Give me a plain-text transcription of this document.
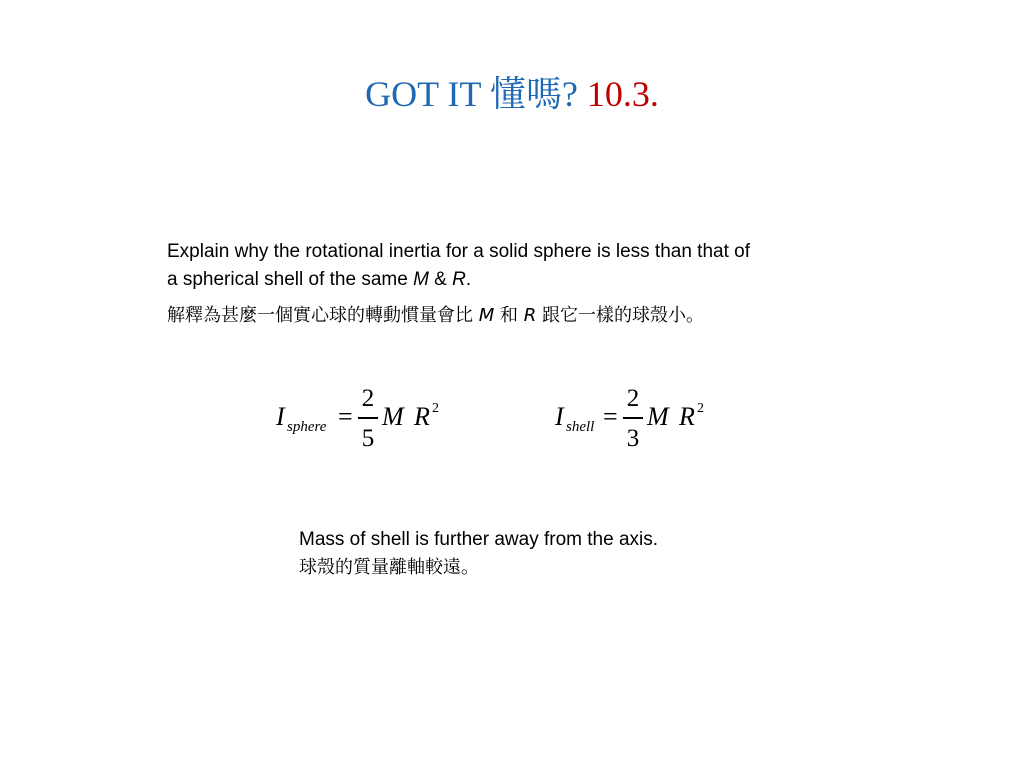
GOT IT 懂嗎? 10.3.
Explain why the rotational inertia for a solid sphere is less than that of
a spherical shell of the same M & R.
解釋為甚麼一個實心球的轉動慣量會比 M 和 R 跟它一樣的球殼小。
I sphere =
2
5
M R 2	I shell =
2
3
M R 2
Mass of shell is further away from the axis.
球殼的質量離軸較遠。
